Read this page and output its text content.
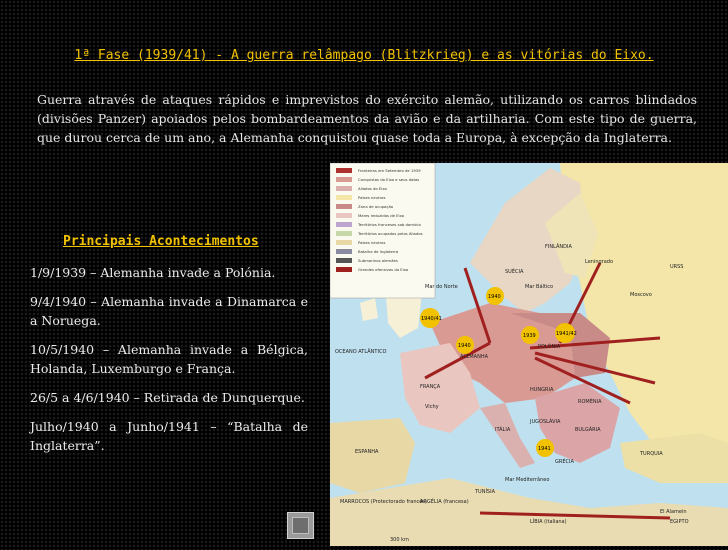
1ª Fase (1939/41) - A guerra relâmpago (Blitzkrieg) e as vitórias do Eixo.
Guerra através de ataques rápidos e imprevistos do exército alemão, utilizando os carros blindados (divisões Panzer) apoiados pelos bombardeamentos da avião e da artilharia. Com este tipo de guerra, que durou cerca de um ano, a Alemanha conquistou quase toda a Europa, à excepção da Inglaterra.
Principais Acontecimentos
1/9/1939 – Alemanha invade a Polónia.
9/4/1940 – Alemanha invade a Dinamarca e a Noruega.
10/5/1940 – Alemanha invade a Bélgica, Holanda, Luxemburgo e França.
26/5 a 4/6/1940 – Retirada de Dunquerque.
Julho/1940 a Junho/1941 – “Batalha de Inglaterra”.
Fronteiras em Setembro de 1939
Conquistas do Eixo e seus datas
Aliados do Eixo
Países neutros
Zona de ocupação
Mares reduzidos de Eixo
Territórios franceses sob domínio
Territórios ocupados pelos Aliados
Países neutros
Batalha de Inglaterra
Submarinos alemães
Grandes ofensivas do Eixo
FINLÂNDIA
URSS
Leningrado
SUÉCIA
Moscovo
Mar do Norte	Mar Báltico
ALEMANHA
POLÓNIA
FRANÇA
Vichy
HUNGRIA
ROMÉNIA
ESPANHA
ITÁLIA
JUGOSLÁVIA
BULGÁRIA
TURQUIA
GRÉCIA
MARROCOS (Protectorado francês)
ARGÉLIA (francesa)
TUNÍSIA
LÍBIA (italiana)	EGIPTO
El Alamein
Mar Mediterrâneo
OCEANO ATLÂNTICO
300 km
1939
1940
1940
1940/41
1941
1941/42
